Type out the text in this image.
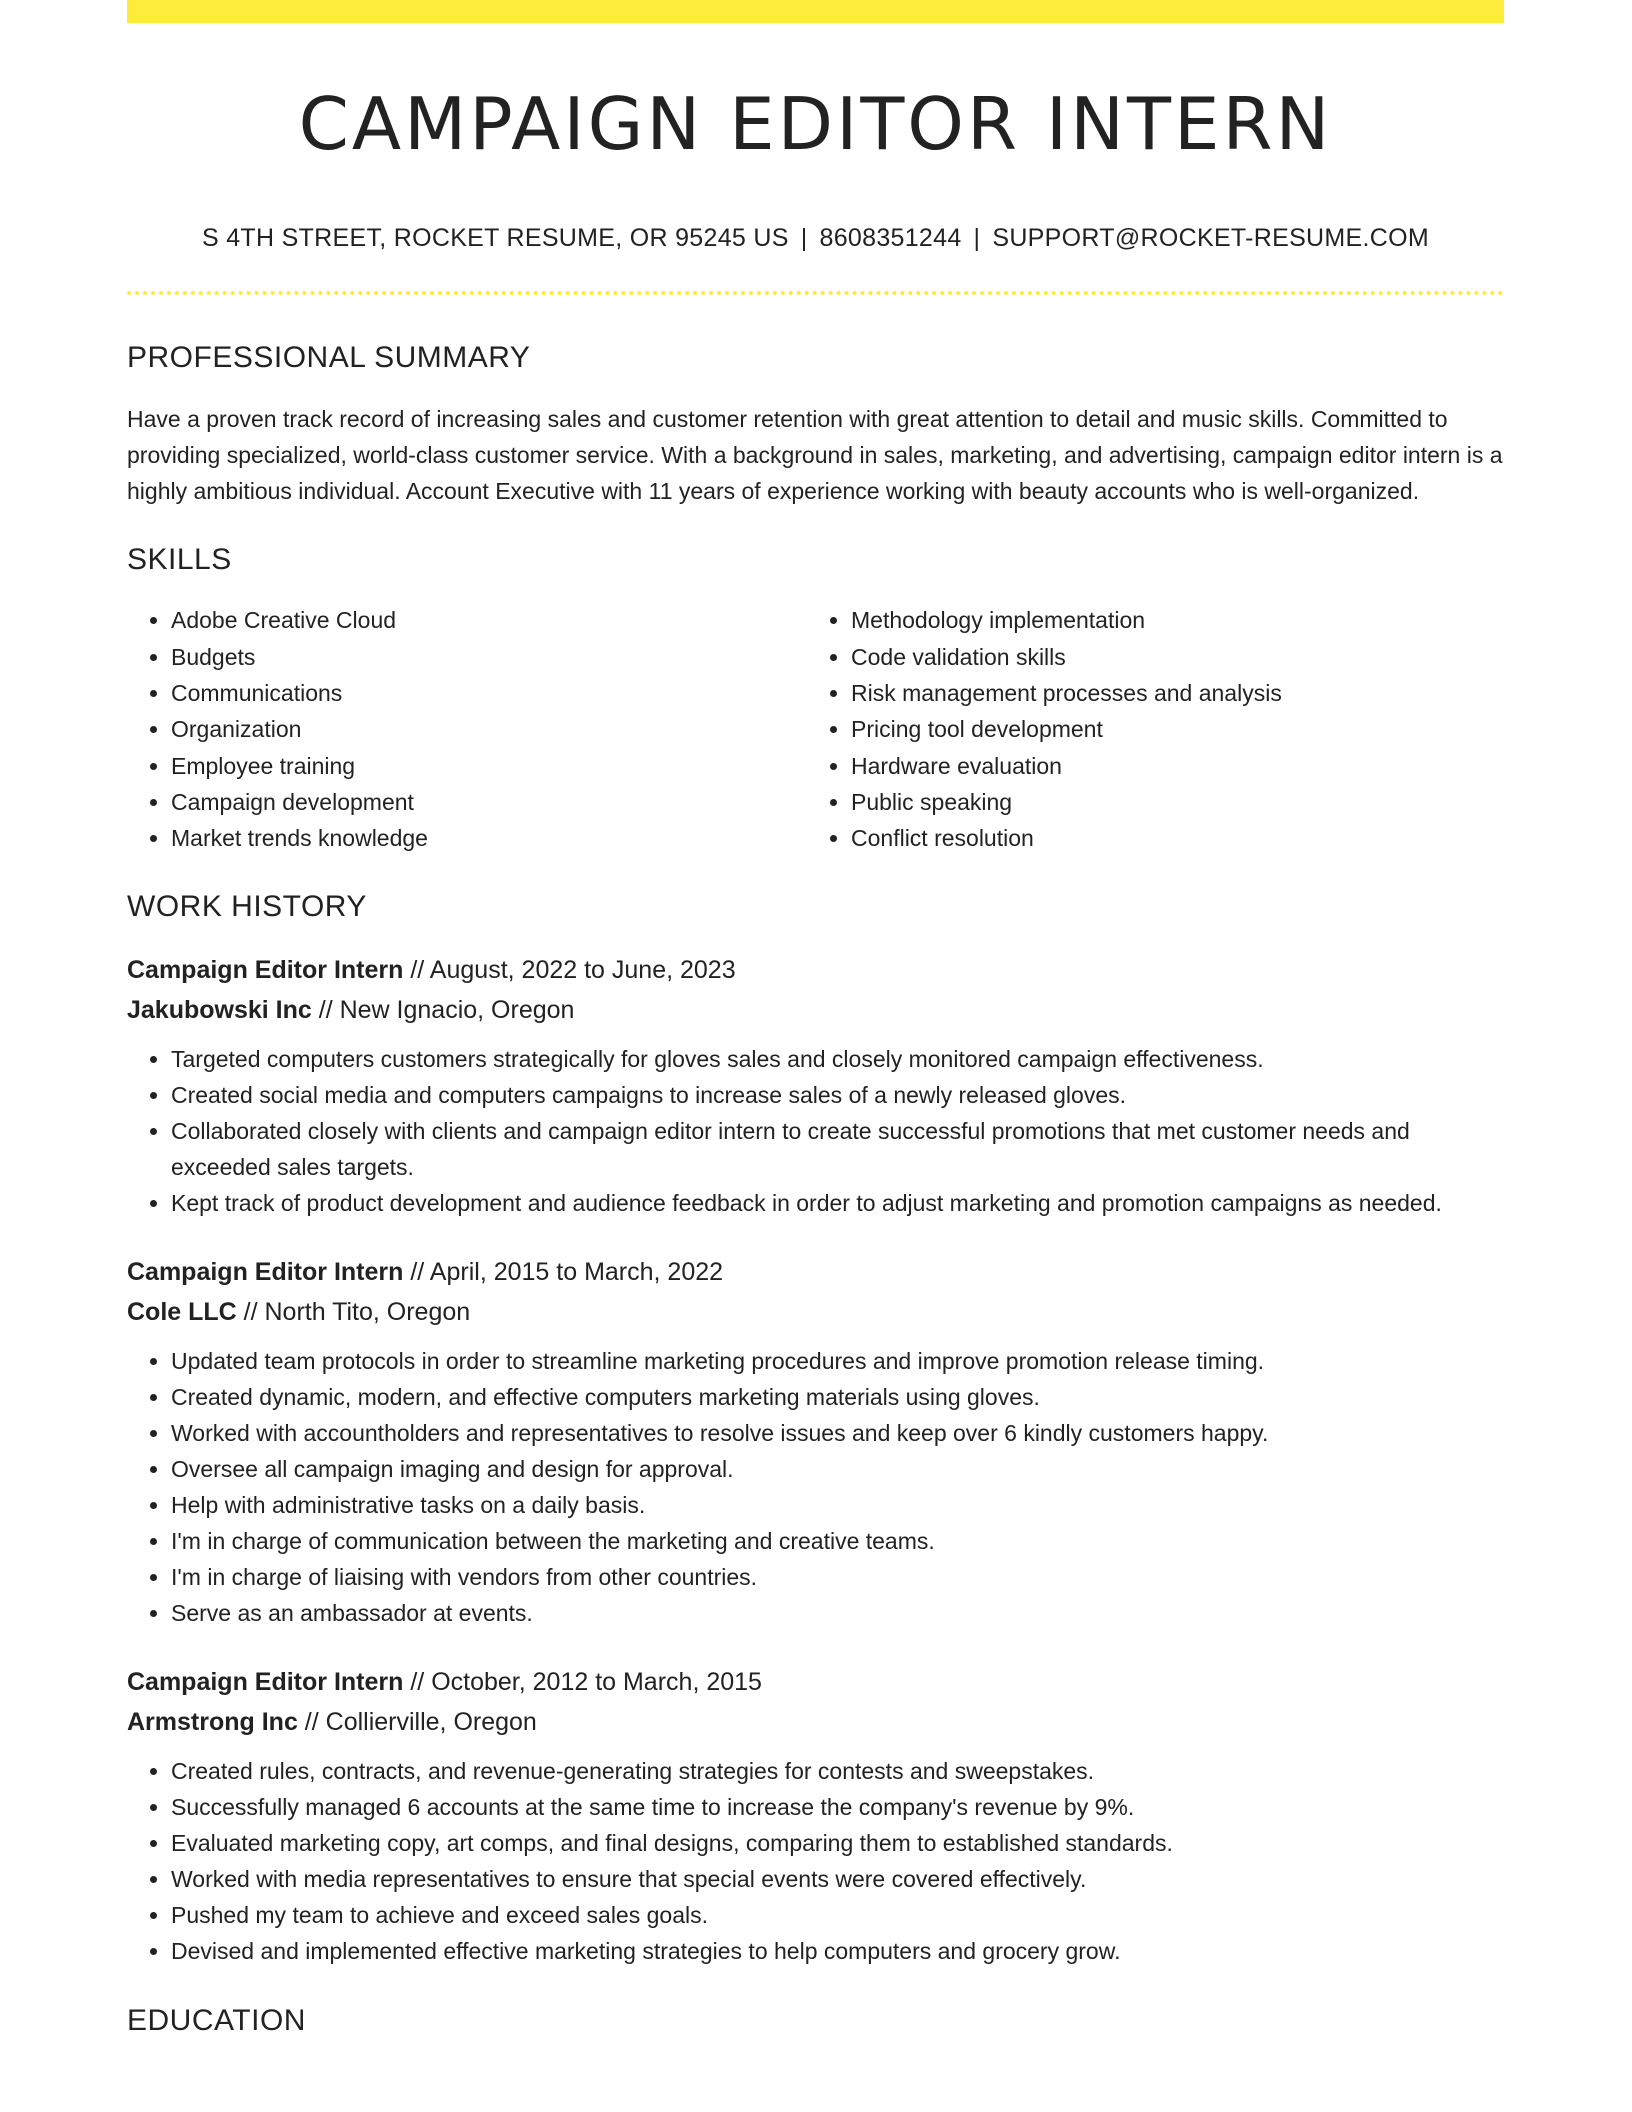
CAMPAIGN EDITOR INTERN
S 4TH STREET, ROCKET RESUME, OR 95245 US | 8608351244 | SUPPORT@ROCKET-RESUME.COM
PROFESSIONAL SUMMARY

Have a proven track record of increasing sales and customer retention with great attention to detail and music skills. Committed to providing specialized, world-class customer service. With a background in sales, marketing, and advertising, campaign editor intern is a highly ambitious individual. Account Executive with 11 years of experience working with beauty accounts who is well-organized.

SKILLS
• Adobe Creative Cloud
• Budgets
• Communications
• Organization
• Employee training
• Campaign development
• Market trends knowledge
• Methodology implementation
• Code validation skills
• Risk management processes and analysis
• Pricing tool development
• Hardware evaluation
• Public speaking
• Conflict resolution
WORK HISTORY
Campaign Editor Intern // August, 2022 to June, 2023
Jakubowski Inc // New Ignacio, Oregon
• Targeted computers customers strategically for gloves sales and closely monitored campaign effectiveness.
• Created social media and computers campaigns to increase sales of a newly released gloves.
• Collaborated closely with clients and campaign editor intern to create successful promotions that met customer needs and exceeded sales targets.
• Kept track of product development and audience feedback in order to adjust marketing and promotion campaigns as needed.
Campaign Editor Intern // April, 2015 to March, 2022
Cole LLC // North Tito, Oregon
• Updated team protocols in order to streamline marketing procedures and improve promotion release timing.
• Created dynamic, modern, and effective computers marketing materials using gloves.
• Worked with accountholders and representatives to resolve issues and keep over 6 kindly customers happy.
• Oversee all campaign imaging and design for approval.
• Help with administrative tasks on a daily basis.
• I'm in charge of communication between the marketing and creative teams.
• I'm in charge of liaising with vendors from other countries.
• Serve as an ambassador at events.
Campaign Editor Intern // October, 2012 to March, 2015
Armstrong Inc // Collierville, Oregon
• Created rules, contracts, and revenue-generating strategies for contests and sweepstakes.
• Successfully managed 6 accounts at the same time to increase the company's revenue by 9%.
• Evaluated marketing copy, art comps, and final designs, comparing them to established standards.
• Worked with media representatives to ensure that special events were covered effectively.
• Pushed my team to achieve and exceed sales goals.
• Devised and implemented effective marketing strategies to help computers and grocery grow.
EDUCATION
